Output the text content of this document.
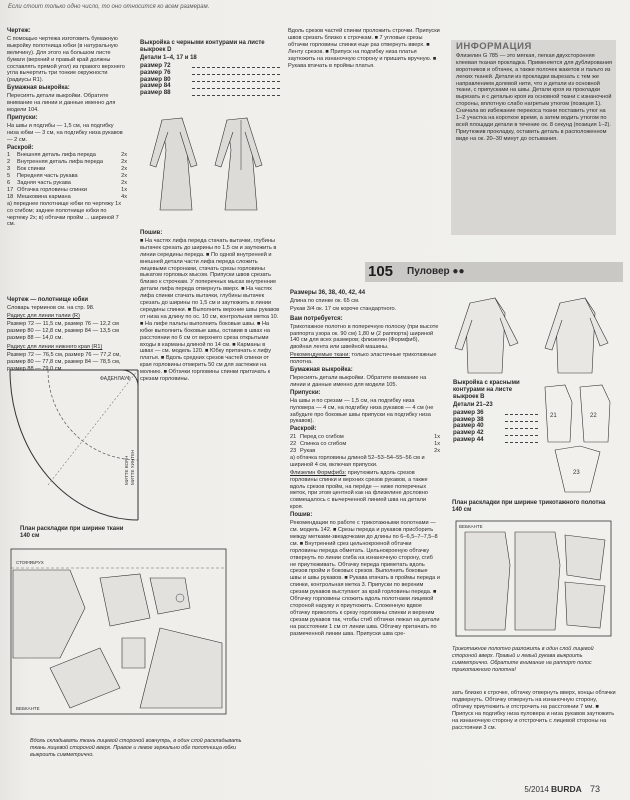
Если стоит только одно число, то оно относится ко всем размерам.

Чертеж:

С помощью чертежа изготовить бумажную выкройку полотнища юбки (в натуральную величину). Для этого на большом листе бумаги (верхний и правый край должны составлять прямой угол) из правого верхнего угла вычертить три тонкие окружности (радиусы R1).

Бумажная выкройка:

Пересиять детали выкройки. Обратите внимание на линии и данные именно для модели 104.

Припуски:

На швы и подгибы — 1,5 см, на подгибку низа юбки — 3 см, на подгибку низа рукавов — 2 см.

Раскрой:

1	Внешняя деталь лифа переда	2x
2	Внутренняя деталь лифа переда	2x
3	Бок спинки	2x
5	Передняя часть рукава	2x
6	Задняя часть рукава	2x
17 Обтачка горловины спинки	1x
18 Мешковина кармана	4x

а) переднее полотнище юбки по чертежу 1x со сгибом; заднее полотнище юбки по чертежу 2x; в) обтачки пройм ... шириной 7 см.

Чертеж — полотнище юбки

Словарь терминов см. на стр. 98.

Радиус для линии талии (R)

Размер 72 — 11,5 см, размер 76 — 12,2 см
размер 80 — 12,8 см, размер 84 — 13,5 см
размер 88 — 14,0 см.

Радиус для линии нижнего края (R1)

Размер 72 — 76,5 см, размер 76 — 77,2 см,
размер 80 — 77,8 см, размер 84 — 78,5 см,
размер 88 — 79,0 см.
ФАДЕНЛАУФ
МИТТЕ ВОРН МИТТЕ ХИНТЕН

План раскладки при ширине ткани 140 см

СТОФФБРУХ
ВЕБКАНТЕ

Вдоль складывать ткань лицевой стороной вовнутрь, в один слой раскладывать ткань лицевой стороной вверх. Правое и левое зеркально обе полотнища юбки выкроить симметрично.

Выкройка с черными контурами на листе выкроек D

Детали 1–4, 17 и 18

размер 72
размер 76
размер 80
размер 84
размер 88

Пошив:

■ На частях лифа переда стачать вытачки, глубины вытачек срезать до ширины по 1,5 см и заутюжить в линии середины переда. ■ По одной внутренней и внешней детали части лифа переда сложить лицевыми сторонами, стачать срезы горловины выкатом горловых мысом. Припуски швов срезать близко к строчкам. У поперечных мысах внутренние детали лифа переда отвернуть вверх. ■ На частях лифа спинки стачать вытачки, глубины вытачек срезать до ширины по 1,5 см и заутюжить в линии середины спинки. ■ Выполнить верхние швы рукавов от низа на длину по ос. 10 см, контрольная метка 10. ■ На лифе пальты выполнить боковые швы. ■ На юбке выполнить боковые швы, оставив в швах на расстоянии по 6 см от верхнего среза открытыми входы в карманы длиной по 14 см. ■ Карманы в швах — см. модель 120. ■ Юбку притачать к лифу платья. ■ Вдоль средних срезов частей спинки от края горловины отмерить 50 см для застежки на молнию. ■ Обтачки горловины спинки притачать к срезам горловины.

Вдоль срезов частей спинки проложить строчки. Припуски швов срезать близко к строчкам. ■ 7 угловые срезы обтачки горловины спинки еще раз отвернуть вверх. ■ Ленту срезов. ■ Припуск на подгибку низа платья заутюжить на изнаночную сторону и пришить вручную. ■ Рукава втачать в проймы платья.

ИНФОРМАЦИЯ

Флизелин G 785 — это мягкая, легкая двухсторонняя клеевая тканая прокладка. Применяется для дублирования воротников и обтачек, а также полочек жакетов и пальто из легких тканей. Детали из прокладки вырезать с тем же направлением долевой нити, что и детали из основной ткани, с припусками на швы. Детали кроя из прокладки вырезать и с деталью кроя из основной ткани с изнаночной стороны, вплотную слабо нагретым утюгом (позиция 1). Сначала во избежание перекоса ткани поставить утюг на 1–2 участка на короткое время, а затем водить утюгом по всей площади детали в течение ок. 8 секунд (позиция 1–2). Приутюжив прокладку, оставить деталь в расположенном виде на ок. 20–30 минут до остывания.

105 Пуловер ●●

Размеры 36, 38, 40, 42, 44

Длина по спинке ок. 65 см.

Рукав 3/4 ок. 17 см короче стандартного.

Вам потребуется:

Трикотажное полотно в поперечную полоску (при высоте раппорта узора ок. 90 см) 1,80 м (2 раппорта) шириной 140 см для всех размеров; флизелин (Формфиб), двойная лента или швейной машины.

Рекомендуемые ткани: только эластичные трикотажные полотна.

Бумажная выкройка:

Пересиять детали выкройки. Обратите внимание на линии и данные именно для модели 105.

Припуски:

На швы и по срезам — 1,5 см, на подгибку низа пуловера — 4 см, на подгибку низа рукавов — 4 см (не забудьте про боковые швы припуски на подгибку низа рукавов).

Раскрой:

21 Перед со сгибом	1x
22 Спинка со сгибом	1x
23 Рукав	2x

а) обтачка горловины длиной 52–53–54–55–56 см и шириной 4 см, включая припуски.

Флизелин Формфибз: приутюжить вдоль срезов горловины спинки и верхних срезов рукавов, а также вдоль срезов пройм, на перёде — ниже поперечных меток, при этом центной как на флизелине дословно совмещалось с вычерченной линией шва на детали кроя.

Пошив:

Рекомендации по работе с трикотажными полотнами — см. модель 142. ■ Срезы переда и рукавов присборить между метками-звездочками до длины по 6–6,5–7–7,5–8 см. ■ Внутренний срез цельнокроеной обтачки горловины переда обметать. Цельнокроеную обтачку отвернуть по линии сгиба на изнаночную сторону, сгиб не приутюживать. Обтачку переда приметать вдоль срезов пройм и боковых срезов. Выполнить боковые швы и швы рукавов. ■ Рукава втачать в проймы переда и спинки, контрольная метка 3. Припуски по верхним срезам рукавов выступают за край горловины переда. ■ Обтачку горловины сложить вдоль полотнами лицевой стороной наружу и приутюжить. Сложенную вдвое обтачку приколоть к срезу горловины спинки и верхним срезам рукавов так, чтобы стиб обтачки лежал на детали на расстоянии 1 см от линии шва. Обтачку притачать по размеченной линии шва. Припуски шва сре-

Выкройка с красными контурами на листе выкроек В

Детали 21–23

размер 36
размер 38
размер 40
размер 42
размер 44
21	22
23

План раскладки при ширине трикотажного полотна 140 см

ВЕБКАНТЕ

Трикотажное полотно разложить в один слой лицевой стороной вверх. Правый и левый рукава выкроить симметрично. Обратите внимание на раппорт полос трикотажного полотна!

зать близко к строчке, обтачку отвернуть вверх, концы обтачки подвернуть. Обтачку отвернуть на изнаночную сторону, обтачку приутюжить и отстрочить на расстоянии 7 мм. ■ Припуск на подгибку низа пуловера и низа рукавов заутюжить на изнаночную сторону и отстрочить с лицевой стороны на расстоянии 3 см.

5/2014 BURDA 73
